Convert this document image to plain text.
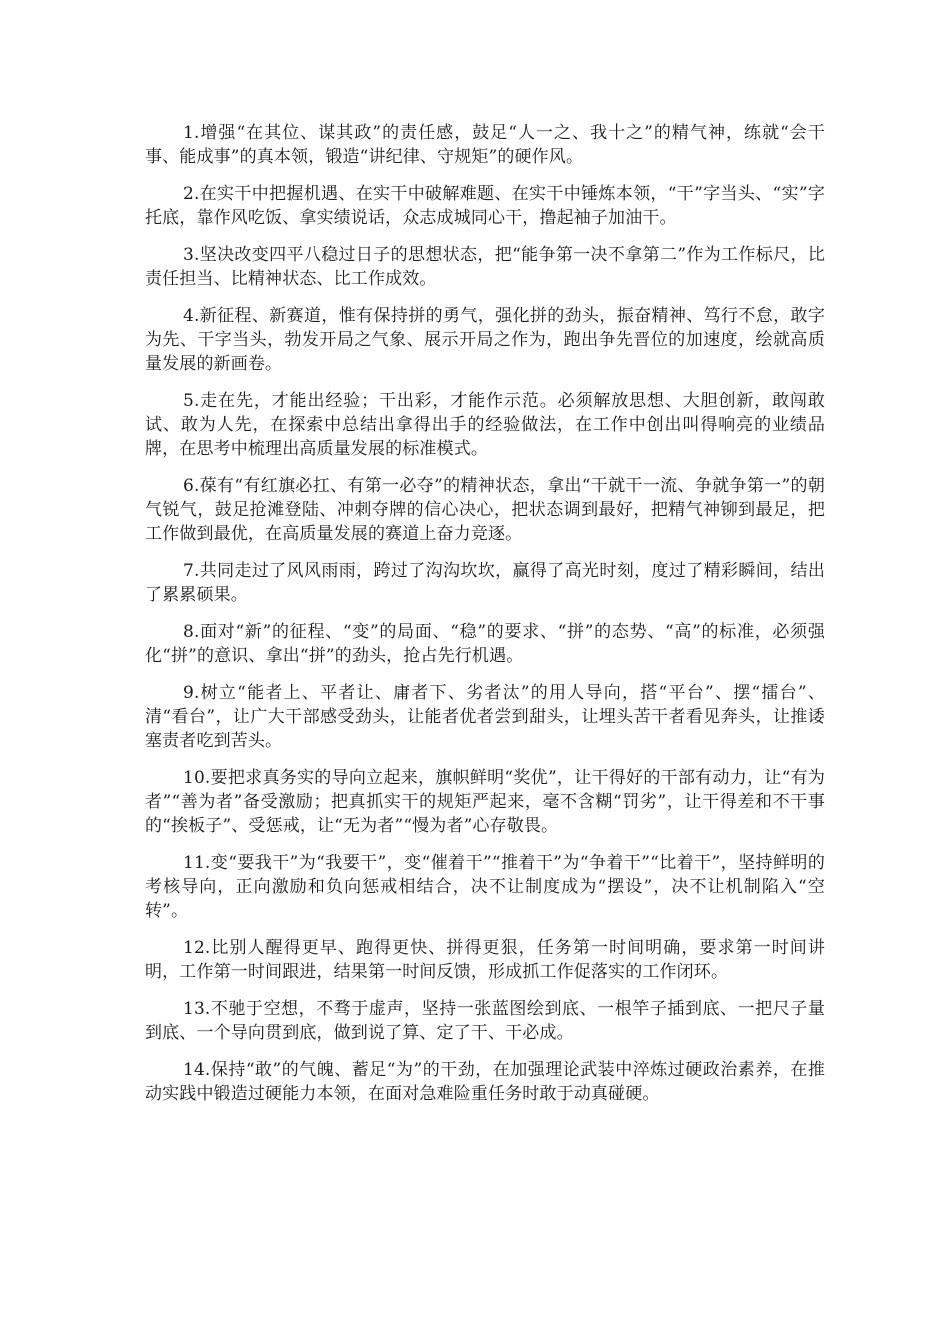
1.增强“在其位、谋其政”的责任感，鼓足“人一之、我十之”的精气神，练就“会干事、能成事”的真本领，锻造“讲纪律、守规矩”的硬作风。

2.在实干中把握机遇、在实干中破解难题、在实干中锤炼本领，“干”字当头、“实”字托底，靠作风吃饭、拿实绩说话，众志成城同心干，撸起袖子加油干。

3.坚决改变四平八稳过日子的思想状态，把“能争第一决不拿第二”作为工作标尺，比责任担当、比精神状态、比工作成效。

4.新征程、新赛道，惟有保持拼的勇气，强化拼的劲头，振奋精神、笃行不怠，敢字为先、干字当头，勃发开局之气象、展示开局之作为，跑出争先晋位的加速度，绘就高质量发展的新画卷。

5.走在先，才能出经验；干出彩，才能作示范。必须解放思想、大胆创新，敢闯敢试、敢为人先，在探索中总结出拿得出手的经验做法，在工作中创出叫得响亮的业绩品牌，在思考中梳理出高质量发展的标准模式。

6.葆有“有红旗必扛、有第一必夺”的精神状态，拿出“干就干一流、争就争第一”的朝气锐气，鼓足抢滩登陆、冲刺夺牌的信心决心，把状态调到最好，把精气神铆到最足，把工作做到最优，在高质量发展的赛道上奋力竞逐。

7.共同走过了风风雨雨，跨过了沟沟坎坎，赢得了高光时刻，度过了精彩瞬间，结出了累累硕果。

8.面对“新”的征程、“变”的局面、“稳”的要求、“拼”的态势、“高”的标准，必须强化“拼”的意识、拿出“拼”的劲头，抢占先行机遇。

9.树立“能者上、平者让、庸者下、劣者汰”的用人导向，搭“平台”、摆“擂台”、清“看台”，让广大干部感受劲头，让能者优者尝到甜头，让埋头苦干者看见奔头，让推诿塞责者吃到苦头。

10.要把求真务实的导向立起来，旗帜鲜明“奖优”，让干得好的干部有动力，让“有为者”“善为者”备受激励；把真抓实干的规矩严起来，毫不含糊“罚劣”，让干得差和不干事的“挨板子”、受惩戒，让“无为者”“慢为者”心存敬畏。

11.变“要我干”为“我要干”，变“催着干”“推着干”为“争着干”“比着干”，坚持鲜明的考核导向，正向激励和负向惩戒相结合，决不让制度成为“摆设”，决不让机制陷入“空转”。

12.比别人醒得更早、跑得更快、拼得更狠，任务第一时间明确，要求第一时间讲明，工作第一时间跟进，结果第一时间反馈，形成抓工作促落实的工作闭环。

13.不驰于空想，不骛于虚声，坚持一张蓝图绘到底、一根竿子插到底、一把尺子量到底、一个导向贯到底，做到说了算、定了干、干必成。

14.保持“敢”的气魄、蓄足“为”的干劲，在加强理论武装中淬炼过硬政治素养，在推动实践中锻造过硬能力本领，在面对急难险重任务时敢于动真碰硬。
